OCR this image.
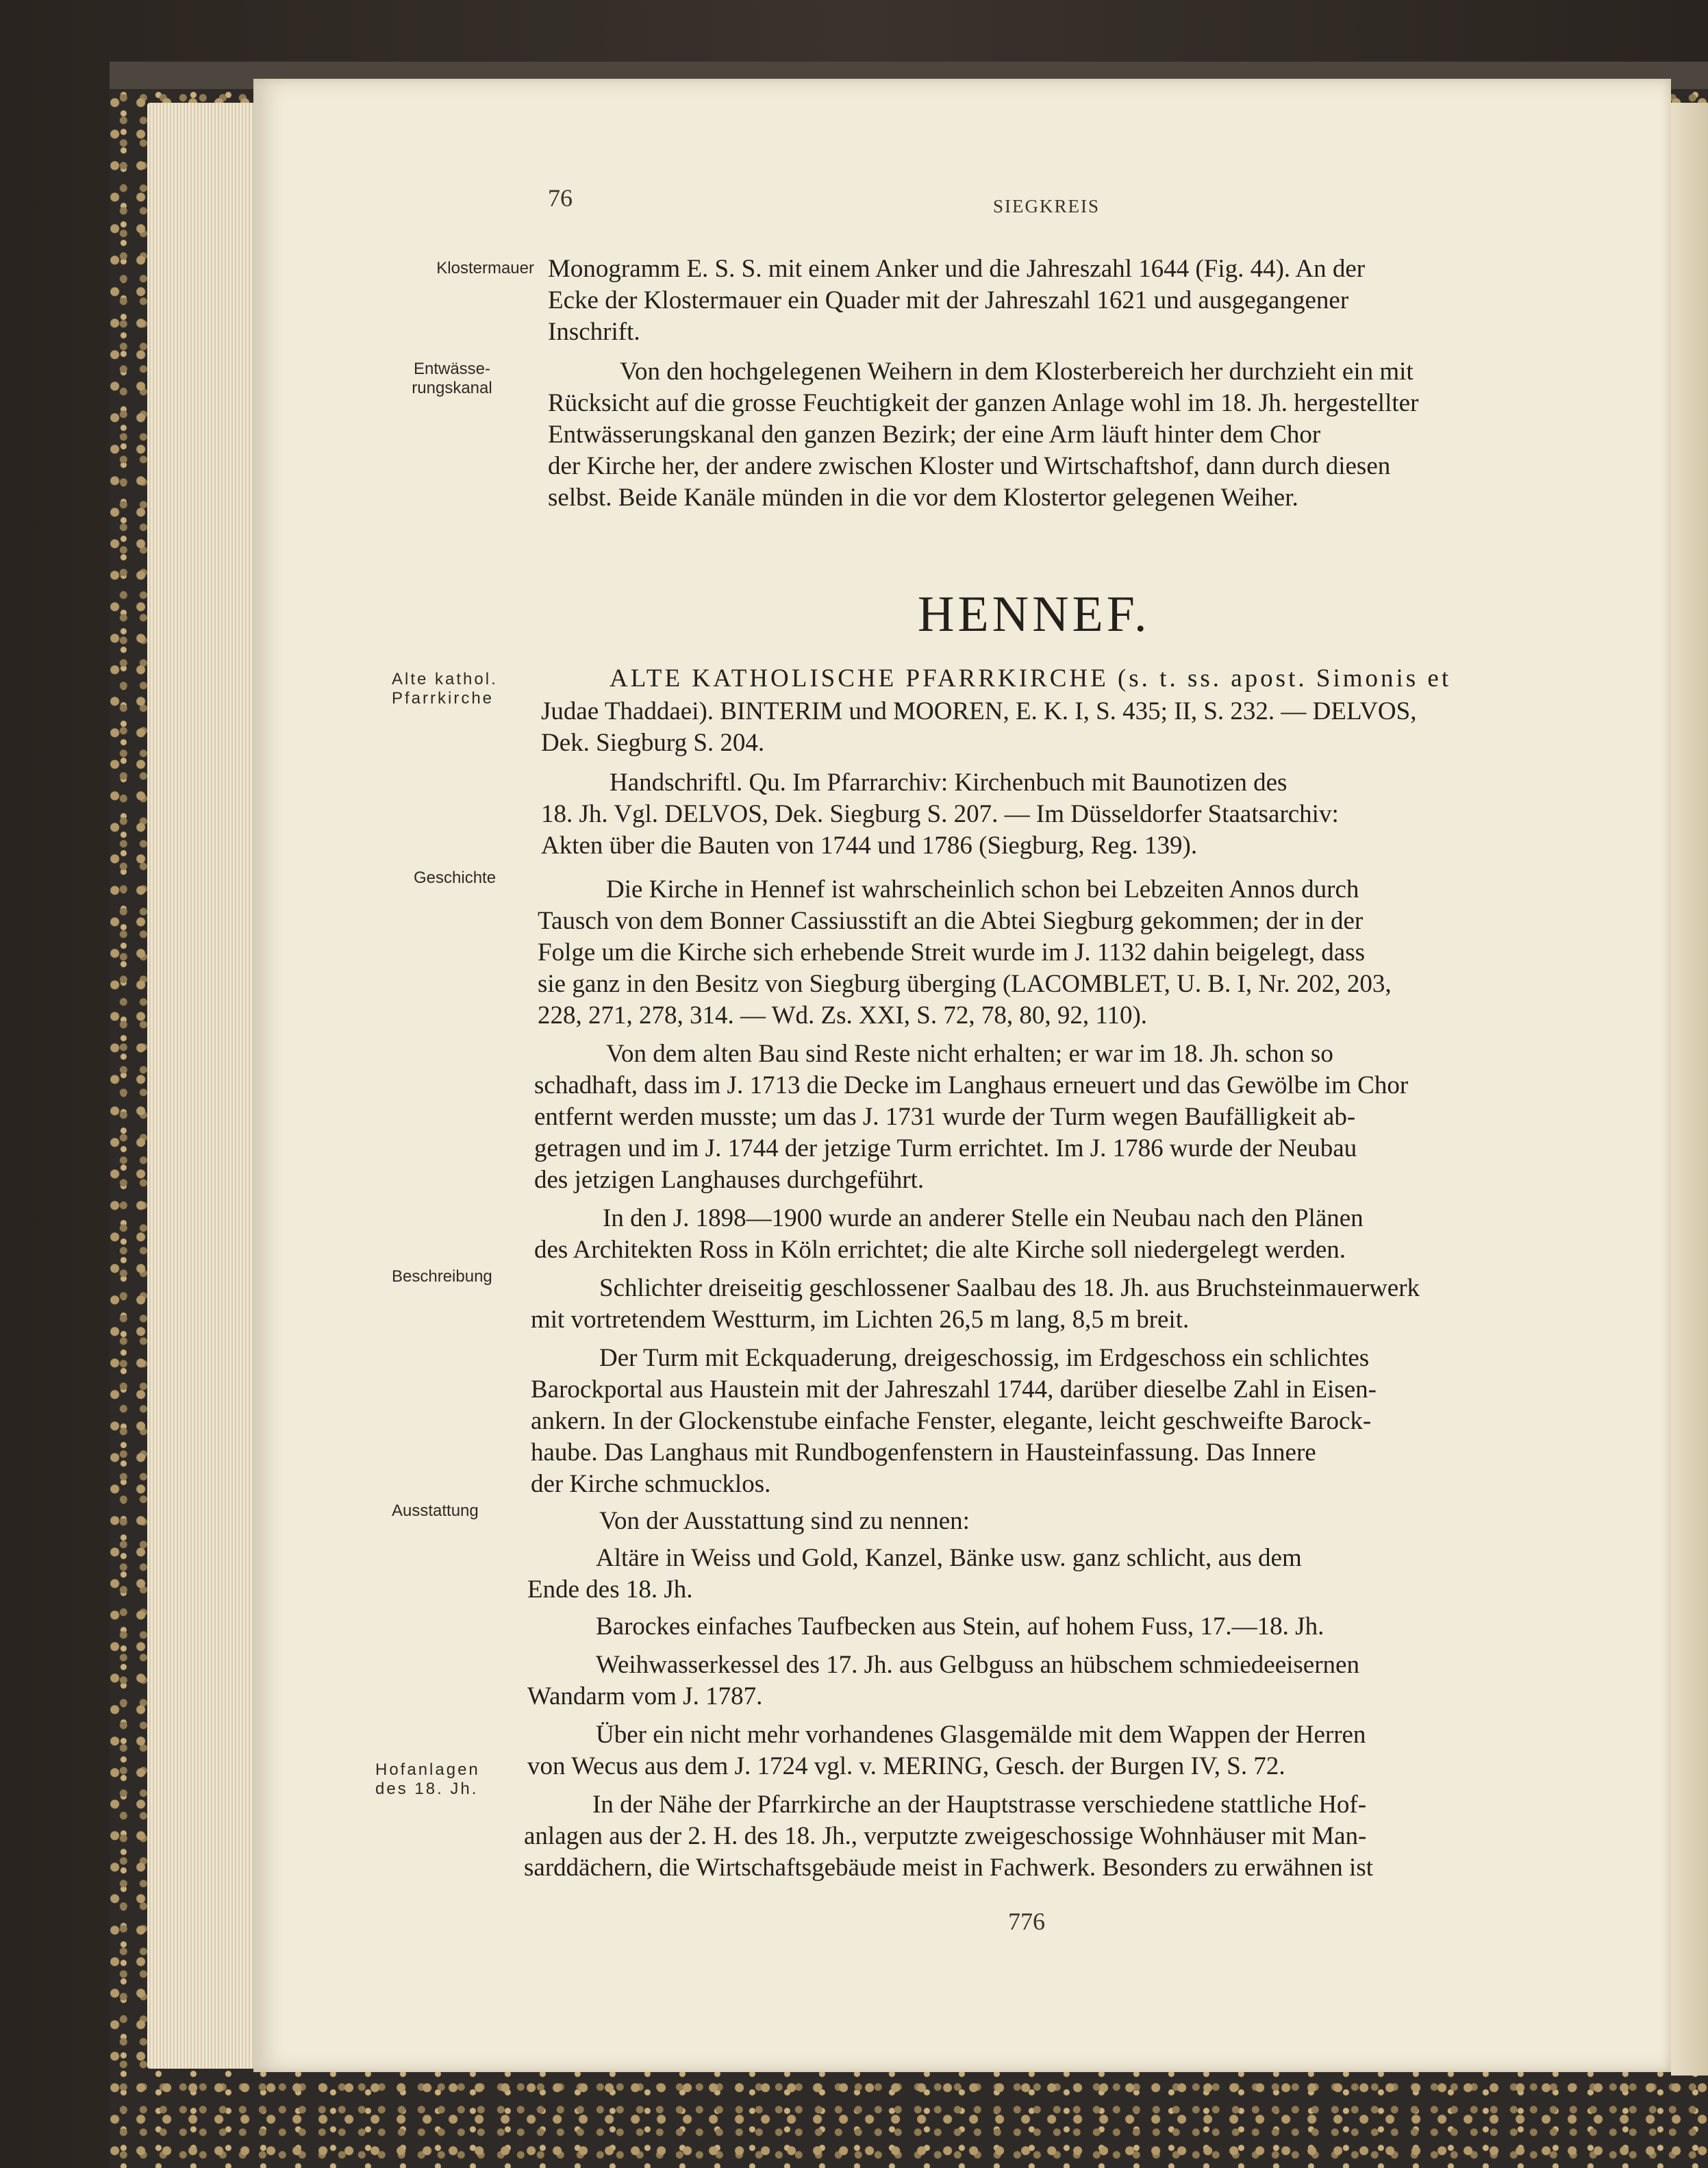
76	SIEGKREIS
Klostermauer
Entwässe-
rungskanal
Alte kathol.
Pfarrkirche
Geschichte
Beschreibung
Ausstattung
Hofanlagen
des 18. Jh.
HENNEF.
Monogramm E. S. S. mit einem Anker und die Jahreszahl 1644 (Fig. 44). An der
Ecke der Klostermauer ein Quader mit der Jahreszahl 1621 und ausgegangener
Inschrift.
Von den hochgelegenen Weihern in dem Klosterbereich her durchzieht ein mit
Rücksicht auf die grosse Feuchtigkeit der ganzen Anlage wohl im 18. Jh. hergestellter
Entwässerungskanal den ganzen Bezirk; der eine Arm läuft hinter dem Chor
der Kirche her, der andere zwischen Kloster und Wirtschaftshof, dann durch diesen
selbst. Beide Kanäle münden in die vor dem Klostertor gelegenen Weiher.
ALTE KATHOLISCHE PFARRKIRCHE (s. t. ss. apost. Simonis et
Judae Thaddaei). BINTERIM und MOOREN, E. K. I, S. 435; II, S. 232. — DELVOS,
Dek. Siegburg S. 204.
Handschriftl. Qu. Im Pfarrarchiv: Kirchenbuch mit Baunotizen des
18. Jh. Vgl. DELVOS, Dek. Siegburg S. 207. — Im Düsseldorfer Staatsarchiv:
Akten über die Bauten von 1744 und 1786 (Siegburg, Reg. 139).
Die Kirche in Hennef ist wahrscheinlich schon bei Lebzeiten Annos durch
Tausch von dem Bonner Cassiusstift an die Abtei Siegburg gekommen; der in der
Folge um die Kirche sich erhebende Streit wurde im J. 1132 dahin beigelegt, dass
sie ganz in den Besitz von Siegburg überging (LACOMBLET, U. B. I, Nr. 202, 203,
228, 271, 278, 314. — Wd. Zs. XXI, S. 72, 78, 80, 92, 110).
Von dem alten Bau sind Reste nicht erhalten; er war im 18. Jh. schon so
schadhaft, dass im J. 1713 die Decke im Langhaus erneuert und das Gewölbe im Chor
entfernt werden musste; um das J. 1731 wurde der Turm wegen Baufälligkeit ab-
getragen und im J. 1744 der jetzige Turm errichtet. Im J. 1786 wurde der Neubau
des jetzigen Langhauses durchgeführt.
In den J. 1898—1900 wurde an anderer Stelle ein Neubau nach den Plänen
des Architekten Ross in Köln errichtet; die alte Kirche soll niedergelegt werden.
Schlichter dreiseitig geschlossener Saalbau des 18. Jh. aus Bruchsteinmauerwerk
mit vortretendem Westturm, im Lichten 26,5 m lang, 8,5 m breit.
Der Turm mit Eckquaderung, dreigeschossig, im Erdgeschoss ein schlichtes
Barockportal aus Haustein mit der Jahreszahl 1744, darüber dieselbe Zahl in Eisen-
ankern. In der Glockenstube einfache Fenster, elegante, leicht geschweifte Barock-
haube. Das Langhaus mit Rundbogenfenstern in Hausteinfassung. Das Innere
der Kirche schmucklos.
Von der Ausstattung sind zu nennen:
Altäre in Weiss und Gold, Kanzel, Bänke usw. ganz schlicht, aus dem
Ende des 18. Jh.
Barockes einfaches Taufbecken aus Stein, auf hohem Fuss, 17.—18. Jh.
Weihwasserkessel des 17. Jh. aus Gelbguss an hübschem schmiedeeisernen
Wandarm vom J. 1787.
Über ein nicht mehr vorhandenes Glasgemälde mit dem Wappen der Herren
von Wecus aus dem J. 1724 vgl. v. MERING, Gesch. der Burgen IV, S. 72.
In der Nähe der Pfarrkirche an der Hauptstrasse verschiedene stattliche Hof-
anlagen aus der 2. H. des 18. Jh., verputzte zweigeschossige Wohnhäuser mit Man-
sarddächern, die Wirtschaftsgebäude meist in Fachwerk. Besonders zu erwähnen ist
776
